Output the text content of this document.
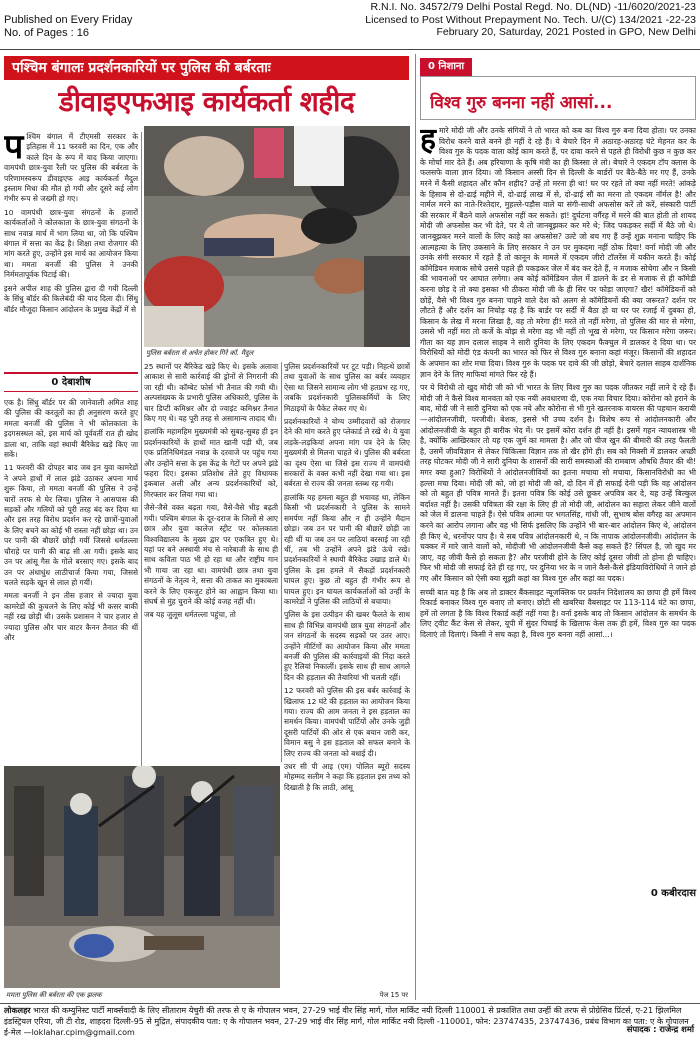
Published on Every Friday
No. of Pages : 16
R.N.I. No. 34572/79 Delhi Postal Regd. No. DL(ND) -11/6020/2021-23
Licensed to Post Without Prepayment No. Tech. U/(C) 134/2021 -22-23
February 20, Saturday, 2021 Posted in GPO, New Delhi
पश्चिम बंगालः प्रदर्शनकारियों पर पुलिस की बर्बरताः
डीवाइएफआइ कार्यकर्ता शहीद
प श्चिम बंगाल में टीएमसी सरकार के इतिहास में 11 फरवरी का दिन, एक और काले दिन के रूप में याद किया जाएगा। वामपंथी छात्र-युवा रैली पर पुलिस की बर्बरता के परिणामस्वरूप डीवाइएफ आइ कार्यकर्ता मैदुल इस्लाम मिधा की मौत हो गयी और दूसरे कई लोग गंभीर रूप से जख्मी हो गए।

10 वामपंथी छात्र-युवा संगठनों के हजारों कार्यकर्ताओं ने कोलकाता के छात्र-युवा संगठनों के साथ नवान्न मार्च में भाग लिया था, जो कि पश्चिम बंगाल में सत्ता का केंद्र है। शिक्षा तथा रोजगार की मांग करते हुए, उन्होंने इस मार्च का आयोजन किया था। ममता बनर्जी की पुलिस ने उनकी निर्ममतापूर्वक पिटाई की।

इसने अपील शाह की पुलिस द्वारा दी गयी दिल्ली के सिंधु बॉर्डर की किलेबंदी की याद दिला दी। सिंधु बॉर्डर मौजूदा किसान आंदोलन के प्रमुख केंद्रों में से

0 देबाशीष

एक है। सिंधु बॉर्डर पर की जानेवाली अमित शाह की पुलिस की करतूतों का ही अनुसरण करते हुए ममता बनर्जी की पुलिस ने भी कोलकाता के इदगसस्थल को, इस मार्च को पूर्ववर्ती रात ही खोद डाला था, ताकि वहां स्थायी बैरिकेड खड़े किए जा सकें।

11 फरवरी की दोपहर बाद जब इन युवा कामरेडों ने अपने हाथों में लाल झंडे उठाकर अपना मार्च शुरू किया, तो ममता बनर्जी की पुलिस ने उन्हें चारों तरफ से घेर लिया। पुलिस ने आसपास की सड़कों और गलियों को पूरी तरह बंद कर दिया था और इस तरह विरोध प्रदर्शन कर रहे छात्रों-युवाओं के लिए बचने का कोई भी रास्ता नहीं छोड़ा था। उन पर पानी की बौछारें छोड़ी गयीं जिससे धर्मतल्ला चौराहे पर पानी की बाढ़ सी आ गयी। इसके बाद उन पर आंसू गैस के गोले बरसाए गए। इसके बाद उन पर अंधाधुंध लाठीचार्ज किया गया, जिससे चलते सड़कें खून से लाल हो गयीं।

ममता बनर्जी ने इन तीस हजार से ज्यादा युवा कामरेडों की कुचलने के लिए कोई भी कसर बाकी नहीं रख छोड़ी थी। उसके प्रशासन ने चार हजार से ज्यादा पुलिस और चार वाटर कैनन तैनात की थीं और

पुलिस बर्बरता से अचेत होकर गिरे कॉ. मैदुल

25 स्थानों पर बैरिकेड खड़े किए थे। इसके अलावा आकाश से सारी कार्रवाई की ड्रोनों से निगरानी की जा रही थी। कॉम्बेट फोर्स भी तैनात की गयी थी। अल्पसंख्यक के प्रभारी पुलिस अधिकारी, पुलिस के चार डिप्टी कमिश्नर और दो ज्वाइंट कमिश्नर तैनात किए गए थे। यह पूरी तरह से असामान्य तादाद थी।

हालांकि महामहिम मुख्यमंत्री को सुबह-सुबह ही इन प्रदर्शनकारियों के हाथों मात खानी पड़ी थी, जब एक प्रतिनिधिमंडल नवान्न के दरवाजे पर पहुंच गया और उन्होंने सत्ता के इस केंद्र के गेटों पर अपने झंडे फहरा दिए। इसका प्रतिशोध लेते हुए विधायक इकबाल अली और अन्य प्रदर्शनकारियों को, गिरफ्तार कर लिया गया था।

जैसे-जैसे वक्त बढ़ता गया, वैसे-वैसे भीड़ बढ़ती गयी। पश्चिम बंगाल के दूर-दराज के जिलों से आए छात्र और युवा कालेज स्ट्रीट पर कोलकाता विश्वविद्यालय के मुख्य द्वार पर एकत्रित हुए थे। यहां पर बने अस्थायी मंच से नारेबाजी के साथ ही साथ कविता पाठ भी हो रहा था और राष्ट्रीय गान भी गाया जा रहा था। वामपंथी छात्र तथा युवा संगठनों के नेतृत्व ने, सत्ता की ताकत का मुकाबला करने के लिए एकजुट होने का आह्वान किया था। संघर्ष से मुंह चुराने की कोई वजह नहीं थी।

जब यह जुलूस धर्मतल्ला पहुंचा, तो

पुलिस प्रदर्शनकारियों पर टूट पड़ी। निहत्थे छात्रों तथा युवाओं के साथ पुलिस का बर्बर व्यवहार ऐसा था जिसने सामान्य लोग भी हतप्रभ रह गए, जबकि प्रदर्शनकारी पुलिसकर्मियों के लिए मिठाइयों के पैकेट लेकर गए थे।

प्रदर्शनकारियों ने योग्य उम्मीदवारों को रोजगार देने की मांग करते हुए प्लेकार्ड ले रखे थे। ये युवा लड़के-लड़कियां अपना मांग पत्र देने के लिए मुख्यमंत्री से मिलना चाहते थे। पुलिस की बर्बरता का दृश्य ऐसा था जिसे इस राज्य में वामपंथी सरकारों के वक्त कभी नहीं देखा गया था। इस बर्बरता से राज्य की जनता स्तब्ध रह गयी।

हालांकि यह हमला बहुत ही भयावह था, लेकिन किसी भी प्रदर्शनकारी ने पुलिस के सामने समर्पण नहीं किया और न ही उन्होंने मैदान छोड़ा। जब उन पर पानी की बौछारें छोड़ी जा रही थीं या जब उन पर लाठियां बरसाई जा रही थीं, तब भी उन्होंने अपने झंडे ऊंचे रखे। प्रदर्शनकारियों ने स्थायी बैरिकेड उखाड़ डाले थे। पुलिस के इस हमले में सैकड़ों प्रदर्शनकारी घायल हुए। कुछ तो बहुत ही गंभीर रूप से घायल हुए। इन घायल कार्यकर्ताओं को उन्हीं के कामरेडों ने पुलिस की लाठियों से बचाया।

पुलिस के इस उत्पीड़न की खबर फैलते के साथ साथ ही विभिन्न वामपंथी छात्र युवा संगठनों और जन संगठनों के सदस्य सड़कों पर उतर आए। उन्होंने मीटिंगों का आयोजन किया और ममता बनर्जी की पुलिस की कार्रवाइयों की निंदा करते हुए रैलियां निकालीं। इसके साथ ही साथ आगले दिन की हड़ताल की तैयारियां भी चलती रहीं।

12 फरवरी को पुलिस की इस बर्बर कार्रवाई के खिलाफ 12 घंटे की हड़ताल का आयोजन किया गया। राज्य की आम जनता ने इस हड़ताल का समर्थन किया। वामपंथी पार्टियों और उनके जुड़ी दूसरी पार्टियों की ओर से एक बयान जारी कर, विमान बसु ने इस हड़ताल को सफल बनाने के लिए राज्य की जनता को बधाई दी।

उधर सी पी आइ (एम) पोलित ब्यूरो सदस्य मोहम्मद सलीम ने कहा कि हड़ताल इस तथ्य को दिखाती है कि लाठी, आंसू

पेज 15 पर
ममता पुलिस की बर्बरता की एक झलक
0 निशाना
विश्व गुरु बनना नहीं आसां...
ह मारे मोदी जी और उनके संगियों ने तो भारत को कब का विश्व गुरु बना दिया होता। पर उनका विरोध करने वाले बनने ही नहीं दे रहे हैं। ये बेचारे दिन में अठारह-अठारह घंटे मेहनत कर के विश्व गुरु के पदक वाला कोई काम करते हैं, पर दावा करने से पहले ही विरोधी कुछ न कुछ कर के मोर्चा मार देते हैं। अब हरियाणा के कृषि मंत्री का ही किस्सा ले लो। बेचारे ने एकदम टॉप क्लास के फलसफे वाला ज्ञान दिया। जो किसान अस्सी दिन से दिल्ली के बार्डरों पर बैठे-बैठे मर गए हैं, उनके मरने में कैसी शहादत और कौन शहीद? उन्हें तो मरना ही था! घर पर रहते तो क्या नहीं मरते! आंकड़े के हिसाब से दो-ढाई महीने में, दो-ढाई लाख में से, दो-ढाई सौ का मरना तो एकदम नॉर्मल है! और नार्मल मरने का नाते-रिश्तेदार, मुहल्ले-पड़ौस वाले या संगी-साथी अफसोस करें तो करें, संस्कारी पार्टी की सरकार में बैठने वाले अफसोस नहीं कर सकते। हां! दुर्घटना वर्गैरह में मरने की बात होती तो शायद मोदी जी अफसोस कर भी देते, पर ये तो जानबूझकर कर मरे थे; जिद पकड़कर सर्दी में बैठे जो थे। जानबूझकर मरने वालों के लिए काहे का अफसोस? उल्टे जो बच गए हैं उन्हें शुक्र मनाना चाहिए कि आत्महत्या के लिए उकसाने के लिए सरकार ने उन पर मुकदमा नहीं ठोक दिया! वर्ना मोदी जी और उनके संगी सरकार में रहते हैं तो कानून के मामले में एकदम जीरो टॉलरेंस में यकीन करते हैं। कोई कॉमेडियन मजाक सोचे उससे पहले ही पकड़कर जेल में बंद कर देते हैं, न मजाक सोचेगा और न किसी की भावनाओं पर आघात लगेगा। अब कोई कॉमेडियन जेल में डालने के डर से मजाक से ही कॉमेडी करना छोड़ दे तो क्या इसका भी ठीकरा मोदी जी के ही सिर पर फोड़ा जाएगा? खैर! कॉमेडियनों को छोड़ें, वैसे भी विश्व गुरु बनना चाहने वाले देश को अलग से कॉमेडियनों की क्या जरूरत? दर्शन पर लौटते हैं और दर्शन का निचोड़ यह है कि बार्डर पर सर्दी में बैठा हो या घर पर रजाई में दुबका हो, किसान के लेख में मरना लिखा है, वह तो मरेगा ही! मरते तो नहीं मरेगा, तो पुलिस की मार से मरेगा, उससे भी नहीं मरा तो कर्जे के बोझ से मरेगा वह भी नहीं तो भूख से मरेगा, पर किसान मरेगा जरूर। गीता का यह ज्ञान दलाल साहब ने सारी दुनिया के लिए एकदम फैक्चुल में डालकर दे दिया था। पर विरोधियों को मोदी एंड कंपनी का भारत को फिर से विश्व गुरु बनाना कहां मंजूर। किसानों की शहादत के अपमान का शोर मचा दिया। विश्व गुरु के पदक पर दावे की जी छोड़ो, बेचारे दलाल साहब दार्शनिक ज्ञान देने के लिए माफियां मांगते फिर रहे हैं।

पर ये विरोधी तो खुद मोदी जी को भी भारत के लिए विश्व गुरु का पदक जीतकर नहीं लाने दे रहे हैं। मोदी जी ने कैसे विश्व मानवता को एक नयी अवधारणा दी, एक नया विचार दिया। कोरोना को हराने के बाद, मोदी जी ने सारी दुनिया को एक नये और कोरोना से भी गुने खतरनाक वायरस की पहचान करायी—आंदोलनजीवी, परजीवी। बेशक, इससे भी उच्च दर्शन है। विशेष रूप से आंदोलनकारी और आंदोलनजीवी के बहुत ही बारीक भेद में। पर इसमें कोरा दर्शन ही नहीं है। इसमें गहन न्यायशास्त्र भी है, क्योंकि आखिरकार तो यह एक जुर्म का मामला है। और जो चीज खुन की बीमारी की तरह फैलती है, उसमें जीवविज्ञान से लेकर चिकित्सा विज्ञान तक तो खैर होंगे ही। सब को मिक्सी में डालकर अच्छी तरह घोटकर मोदी जी ने सारी दुनिया के शासनों की सारी समस्याओं की रामबाण औषधि तैयार की थी! मगर क्या हुआ? विरोधियों ने आंदोलनजीवियों का इतना मचाया सो मचाया, किसानविरोधी का भी हल्ला मचा दिया। मोदी जी को, जो हां मोदी जी को, दो दिन में ही सफाई देनी पड़ी कि वह आंदोलन को तो बहुत ही पवित्र मानते हैं। इतना पवित्र कि कोई उसे छूकर अपवित्र कर दे, यह उन्हें बिल्कुल बर्दाश्त नहीं है। उसकी पवित्रता की रक्षा के लिए ही तो मोदी जी, आंदोलन का सहारा लेकर जीने वालों को जेल में डालना चाहते हैं। ऐसे पवित्र आत्मा पर भगतसिंह, गांधी जी, सुभाष बोस वगैरह का अपमान करने का आरोप लगाना और वह भी सिर्फ इसलिए कि उन्होंने भी बार-बार आंदोलन किए थे, आंदोलन ही किए थे, धरनोंपर पाप है। ये सब पवित्र आंदोलनकारी थे, न कि नापाक आंदोलनजीवी। आंदोलन के चक्कर में मारे जाने वालों को, मोदीजी भी आंदोलनजीवी कैसे कह सकते हैं? सिंपल है, जो खुद मर जाए, वह जीवी कैसे हो सकता है? और परजीवी होने के लिए कोई दूसरा जीवी तो होना ही चाहिए। फिर भी मोदी जी सफाई देते ही रह गए, पर दुनिया भर के न जाने कैसे-कैसे इंडियाविरोधियों ने जाने हो गए और किसान को ऐसी क्या सूझी कहां का विश्व गुरु और कहां का पदक।

सच्ची बात यह है कि अब तो डाक्टर बैंकसाइट न्यूजक्लिक पर प्रवर्तन निदेशालय का छापा ही हमें विश्व रिकार्ड बनाकर विश्व गुरु बनाए तो बनाए। छोटी सी खबरिया वैबसाइट पर 113-114 घंटे का छापा, हमें तो लगता है कि विश्व रिकार्ड कहीं नहीं गया है। वर्ना इसके बाद तो किसान आंदोलन के समर्थन के लिए ट्वीट कैंट केस से लेकर, यूपी में सुंदर पिचाई के खिलाफ केस तक ही हमें, विश्व गुरु का पदक दिलाएं तो दिलाएं। किसी ने सच कहा है, विश्व गुरु बनना नहीं आसां...।

0 कबीरदास
लोकलहर भारत की कम्युनिस्ट पार्टी मार्क्सवादी के लिए सीताराम येचुरी की तरफ से ए के गोपालन भवन, 27-29 भाई वीर सिंह मार्ग, गोल मार्किट नयी दिल्ली 110001 से प्रकाशित तथा उन्हीं की तरफ से प्रोग्रेसिव प्रिंटर्स, ए-21 झिलमिल इंडस्ट्रियल एरिया, जी टी रोड, शाहदरा दिल्ली-95 से मुद्रित, संपादकीय पता: ए के गोपालन भवन, 27-29 भाई वीर सिंह मार्ग, गोल मार्किट नयी दिल्ली -110001, फोन: 23747435, 23747436, प्रबंध विभाग का पता: ए के गोपालन
ई-मेल —loklahar.cpim@gmail.com	संपादक : राजेन्द्र शर्मा
